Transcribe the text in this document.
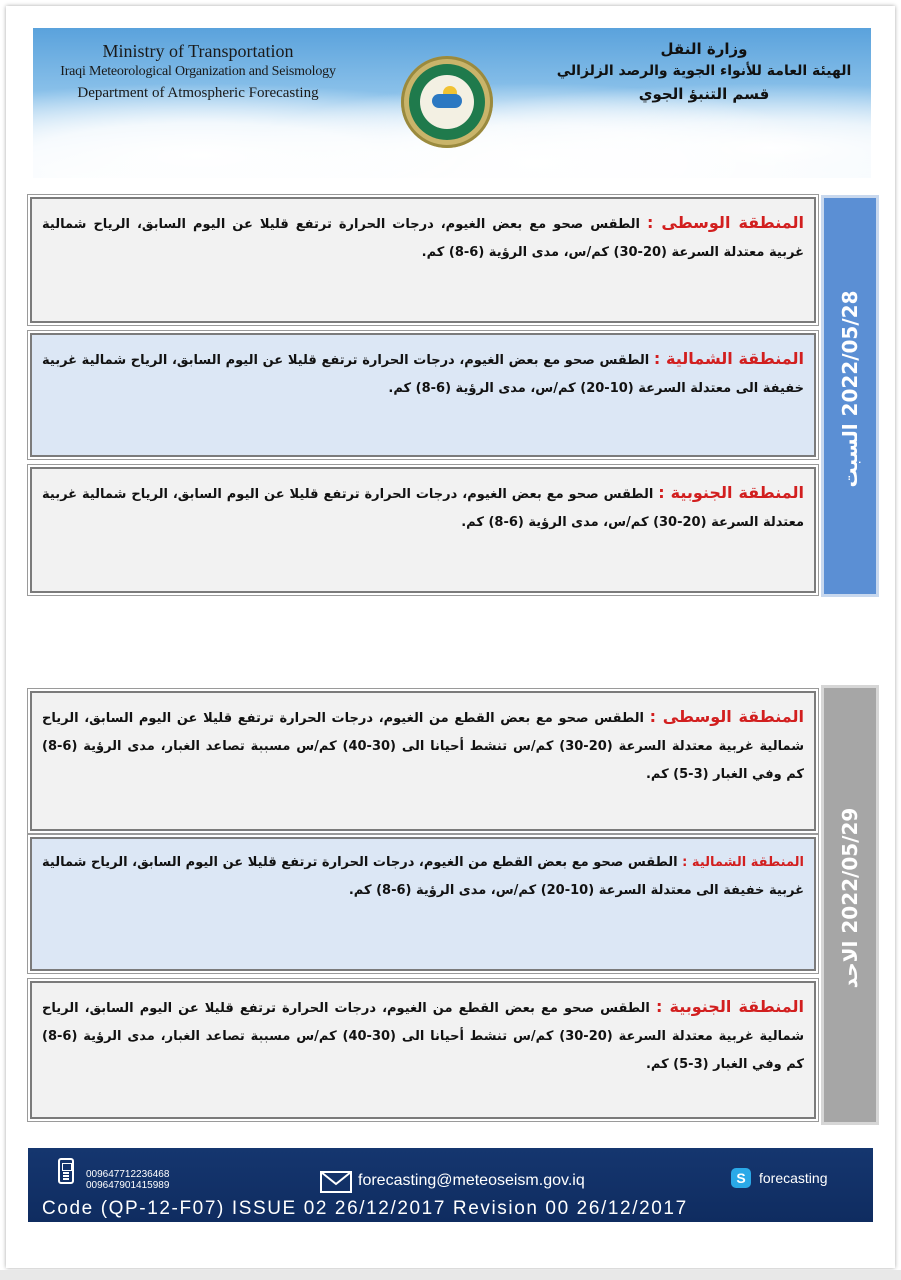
Ministry of Transportation
Iraqi Meteorological Organization and Seismology
Department of Atmospheric Forecasting
وزارة النقل
الهيئة العامة للأنواء الجوية والرصد الزلزالي
قسم التنبؤ الجوي
المنطقة الوسطى : الطقس صحو مع بعض الغيوم، درجات الحرارة ترتفع قليلا عن اليوم السابق، الرياح شمالية غربية معتدلة السرعة (20-30) كم/س، مدى الرؤية (6-8) كم.
المنطقة الشمالية : الطقس صحو مع بعض الغيوم، درجات الحرارة ترتفع قليلا عن اليوم السابق، الرياح شمالية غربية خفيفة الى معتدلة السرعة (10-20) كم/س، مدى الرؤية (6-8) كم.
المنطقة الجنوبية : الطقس صحو مع بعض الغيوم، درجات الحرارة ترتفع قليلا عن اليوم السابق، الرياح شمالية غربية معتدلة السرعة (20-30) كم/س، مدى الرؤية (6-8) كم.
2022/05/28 السبت
المنطقة الوسطى : الطقس صحو مع بعض القطع من الغيوم، درجات الحرارة ترتفع قليلا عن اليوم السابق، الرياح شمالية غربية معتدلة السرعة (20-30) كم/س تنشط أحيانا الى (30-40) كم/س مسببة تصاعد الغبار، مدى الرؤية (6-8) كم وفي الغبار (3-5) كم.
المنطقة الشمالية : الطقس صحو مع بعض القطع من الغيوم، درجات الحرارة ترتفع قليلا عن اليوم السابق، الرياح شمالية غربية خفيفة الى معتدلة السرعة (10-20) كم/س، مدى الرؤية (6-8) كم.
المنطقة الجنوبية : الطقس صحو مع بعض القطع من الغيوم، درجات الحرارة ترتفع قليلا عن اليوم السابق، الرياح شمالية غربية معتدلة السرعة (20-30) كم/س تنشط أحيانا الى (30-40) كم/س مسببة تصاعد الغبار، مدى الرؤية (6-8) كم وفي الغبار (3-5) كم.
2022/05/29 الاحد
009647712236468
009647901415989	forecasting@meteoseism.gov.iq	S forecasting
Code (QP-12-F07) ISSUE 02 26/12/2017 Revision 00 26/12/2017
